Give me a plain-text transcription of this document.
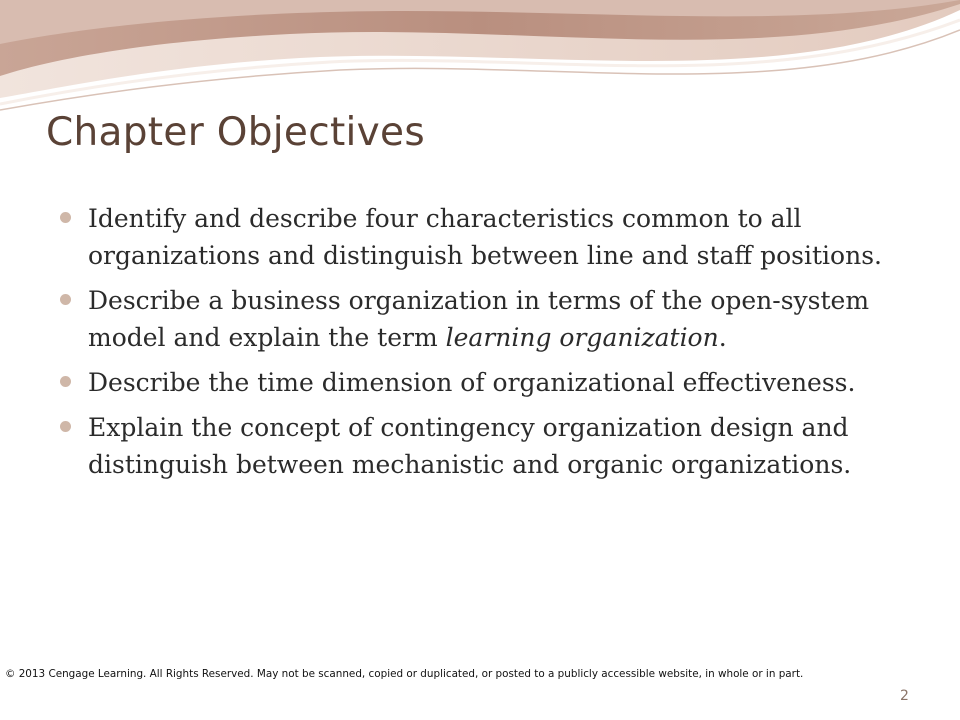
Chapter Objectives
Identify and describe four characteristics common to all organizations and distinguish between line and staff positions.
Describe a business organization in terms of the open-system model and explain the term learning organization.
Describe the time dimension of organizational effectiveness.
Explain the concept of contingency organization design and distinguish between mechanistic and organic organizations.
© 2013 Cengage Learning. All Rights Reserved. May not be scanned, copied or duplicated, or posted to a publicly accessible website, in whole or in part.
2
